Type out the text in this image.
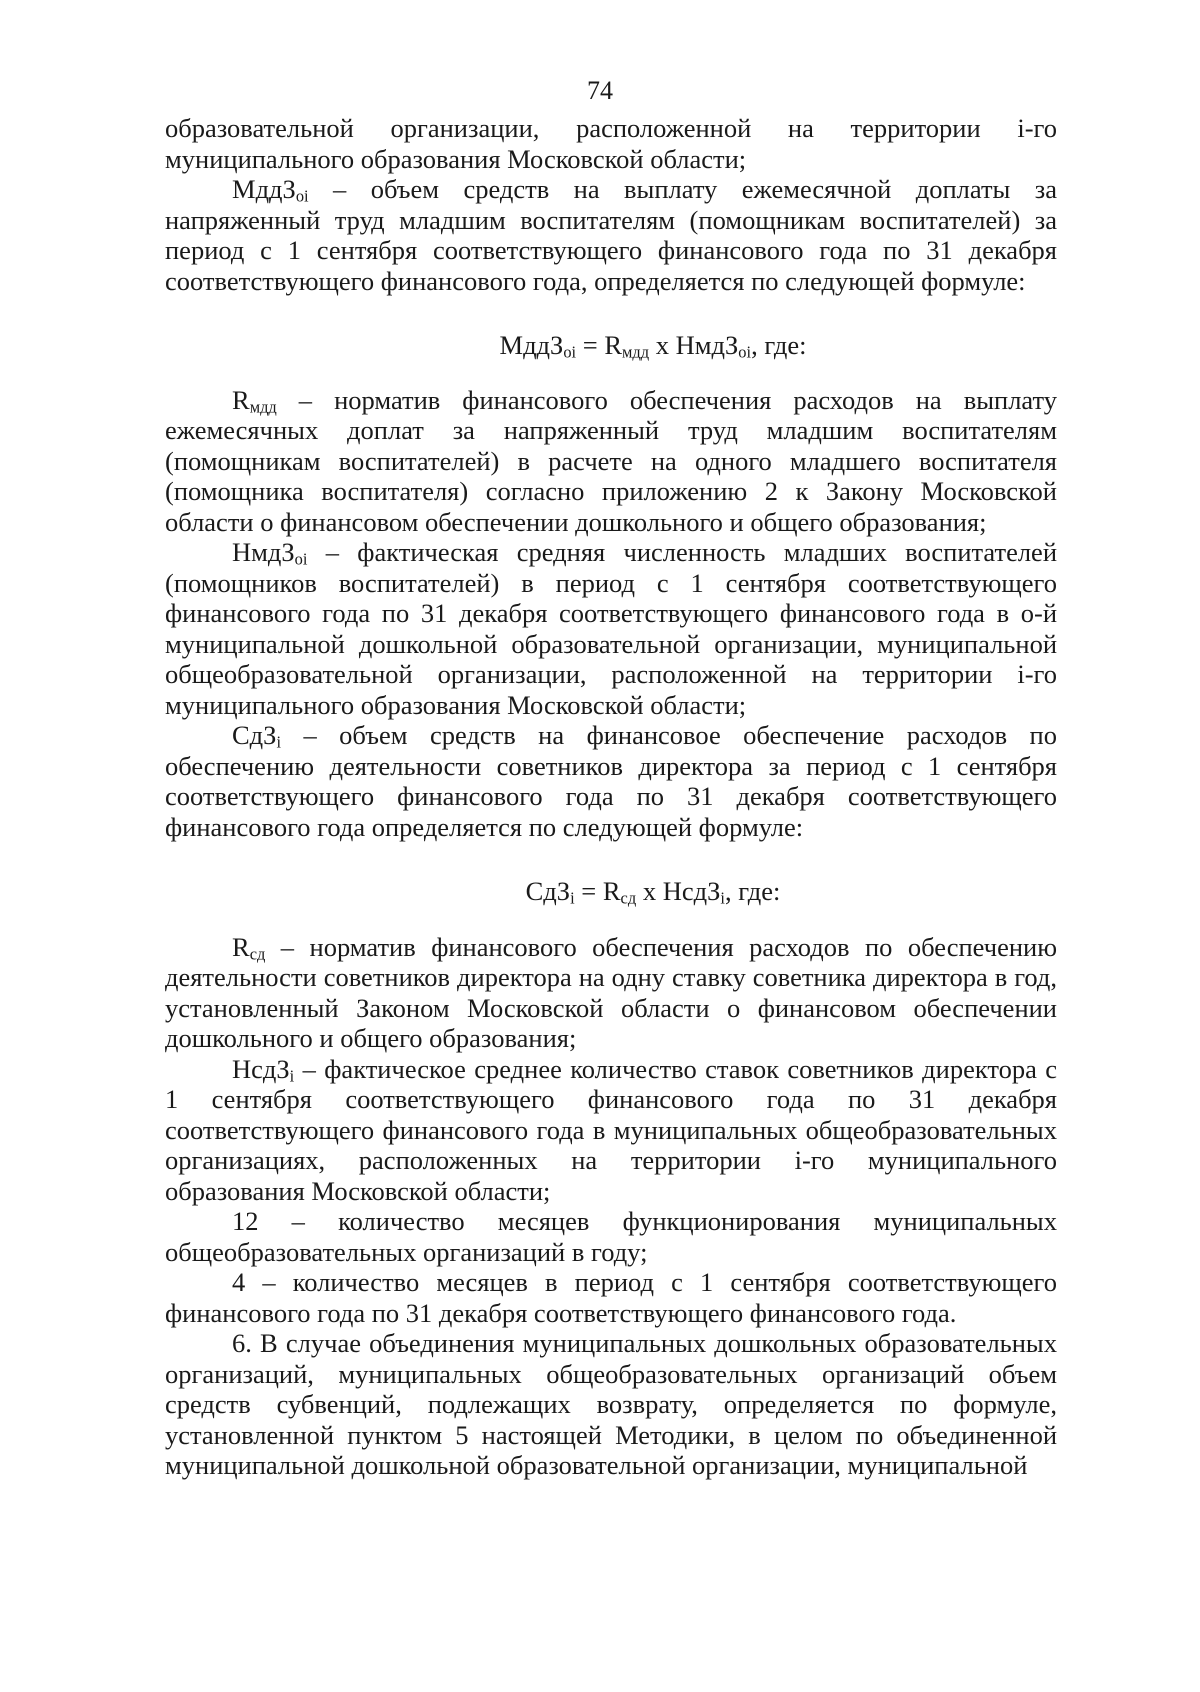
74

образовательной организации, расположенной на территории i-го муниципального образования Московской области;

МддЗ$_{oi}$ – объем средств на выплату ежемесячной доплаты за напряженный труд младшим воспитателям (помощникам воспитателей) за период с 1 сентября соответствующего финансового года по 31 декабря соответствующего финансового года, определяется по следующей формуле:

МддЗ$_{oi}$ = $R_{мдд}$ x НмдЗ$_{oi}$, где:

$R_{мдд}$ – норматив финансового обеспечения расходов на выплату ежемесячных доплат за напряженный труд младшим воспитателям (помощникам воспитателей) в расчете на одного младшего воспитателя (помощника воспитателя) согласно приложению 2 к Закону Московской области о финансовом обеспечении дошкольного и общего образования;

НмдЗ$_{oi}$ – фактическая средняя численность младших воспитателей (помощников воспитателей) в период с 1 сентября соответствующего финансового года по 31 декабря соответствующего финансового года в о-й муниципальной дошкольной образовательной организации, муниципальной общеобразовательной организации, расположенной на территории i-го муниципального образования Московской области;

СдЗ$_i$ – объем средств на финансовое обеспечение расходов по обеспечению деятельности советников директора за период с 1 сентября соответствующего финансового года по 31 декабря соответствующего финансового года определяется по следующей формуле:

$СдЗ_i = R_{сд}$ x НсдЗ$_i$, где:

$R_{сд}$ – норматив финансового обеспечения расходов по обеспечению деятельности советников директора на одну ставку советника директора в год, установленный Законом Московской области о финансовом обеспечении дошкольного и общего образования;

НсдЗ$_i$ – фактическое среднее количество ставок советников директора с 1 сентября соответствующего финансового года по 31 декабря соответствующего финансового года в муниципальных общеобразовательных организациях, расположенных на территории i-го муниципального образования Московской области;

12 – количество месяцев функционирования муниципальных общеобразовательных организаций в году;

4 – количество месяцев в период с 1 сентября соответствующего финансового года по 31 декабря соответствующего финансового года.

6. В случае объединения муниципальных дошкольных образовательных организаций, муниципальных общеобразовательных организаций объем средств субвенций, подлежащих возврату, определяется по формуле, установленной пунктом 5 настоящей Методики, в целом по объединенной муниципальной дошкольной образовательной организации, муниципальной
